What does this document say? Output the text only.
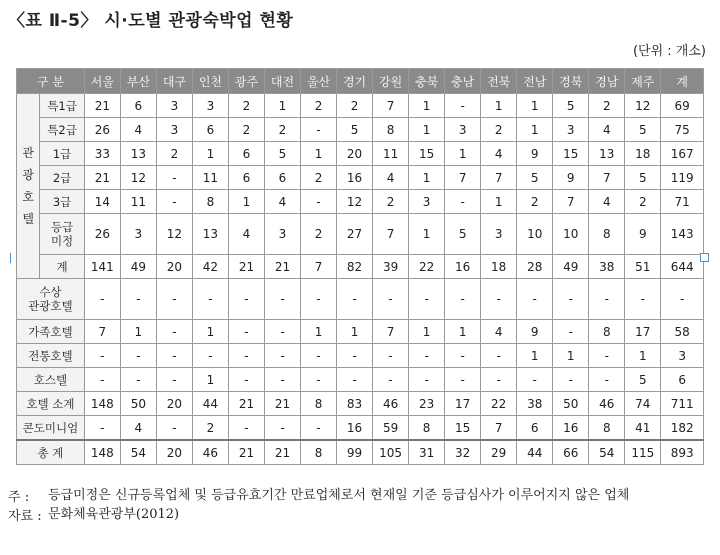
〈표 Ⅱ-5〉 시·도별 관광숙박업 현황
(단위 : 개소)
구 분		서울	부산	대구	인천	광주	대전	울산	경기	강원	충북	충남	전북	전남	경북	경남	제주	계

관
광
호
텔	특1급	21	6	3	3	2	1	2	2	7	1	-	1	1	5	2	12	69
	특2급	26	4	3	6	2	2	-	5	8	1	3	2	1	3	4	5	75
	1급	33	13	2	1	6	5	1	20	11	15	1	4	9	15	13	18	167
	2급	21	12	-	11	6	6	2	16	4	1	7	7	5	9	7	5	119
	3급	14	11	-	8	1	4	-	12	2	3	-	1	2	7	4	2	71
	등급
미정	26	3	12	13	4	3	2	27	7	1	5	3	10	10	8	9	143
	계	141	49	20	42	21	21	7	82	39	22	16	18	28	49	38	51	644
수상
관광호텔		-	-	-	-	-	-	-	-	-	-	-	-	-	-	-	-	-
가족호텔		7	1	-	1	-	-	1	1	7	1	1	4	9	-	8	17	58
전통호텔		-	-	-	-	-	-	-	-	-	-	-	-	1	1	-	1	3
호스텔		-	-	-	1	-	-	-	-	-	-	-	-	-	-	-	5	6
호텔 소계		148	50	20	44	21	21	8	83	46	23	17	22	38	50	46	74	711
콘도미니엄		-	4	-	2	-	-	-	16	59	8	15	7	6	16	8	41	182
총 계		148	54	20	46	21	21	8	99	105	31	32	29	44	66	54	115	893
주 :	등급미정은 신규등록업체 및 등급유효기간 만료업체로서 현재일 기준 등급심사가 이루어지지 않은 업체
자료 : 문화체육관광부(2012)
